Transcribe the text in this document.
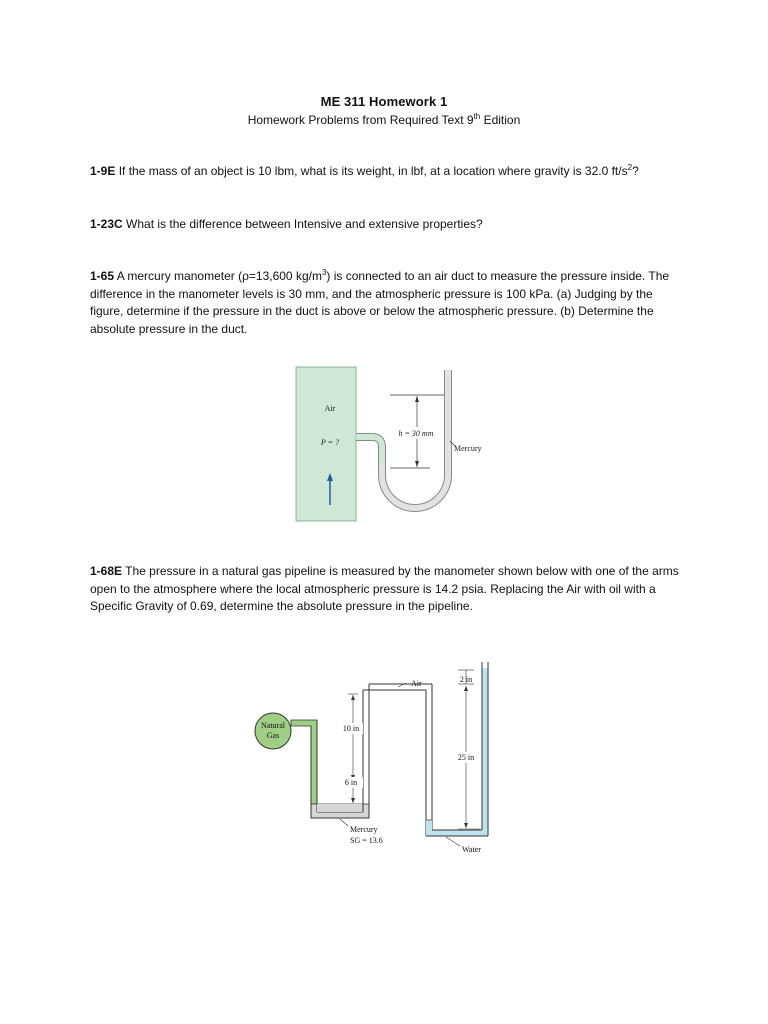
ME 311 Homework 1
Homework Problems from Required Text 9th Edition
1-9E If the mass of an object is 10 lbm, what is its weight, in lbf, at a location where gravity is 32.0 $ft/s^2$?
1-23C What is the difference between Intensive and extensive properties?
1-65 A mercury manometer (ρ=13,600 $kg/m^3$) is connected to an air duct to measure the pressure inside. The difference in the manometer levels is 30 mm, and the atmospheric pressure is 100 kPa. (a) Judging by the figure, determine if the pressure in the duct is above or below the atmospheric pressure. (b) Determine the absolute pressure in the duct.
h = 30 mm
Mercury
Air
P = ?
1-68E The pressure in a natural gas pipeline is measured by the manometer shown below with one of the arms open to the atmosphere where the local atmospheric pressure is 14.2 psia. Replacing the Air with oil with a Specific Gravity of 0.69, determine the absolute pressure in the pipeline.
Natural
Gas
Air
10 in
6 in
2 in
25 in
Mercury
SG = 13.6
Water
